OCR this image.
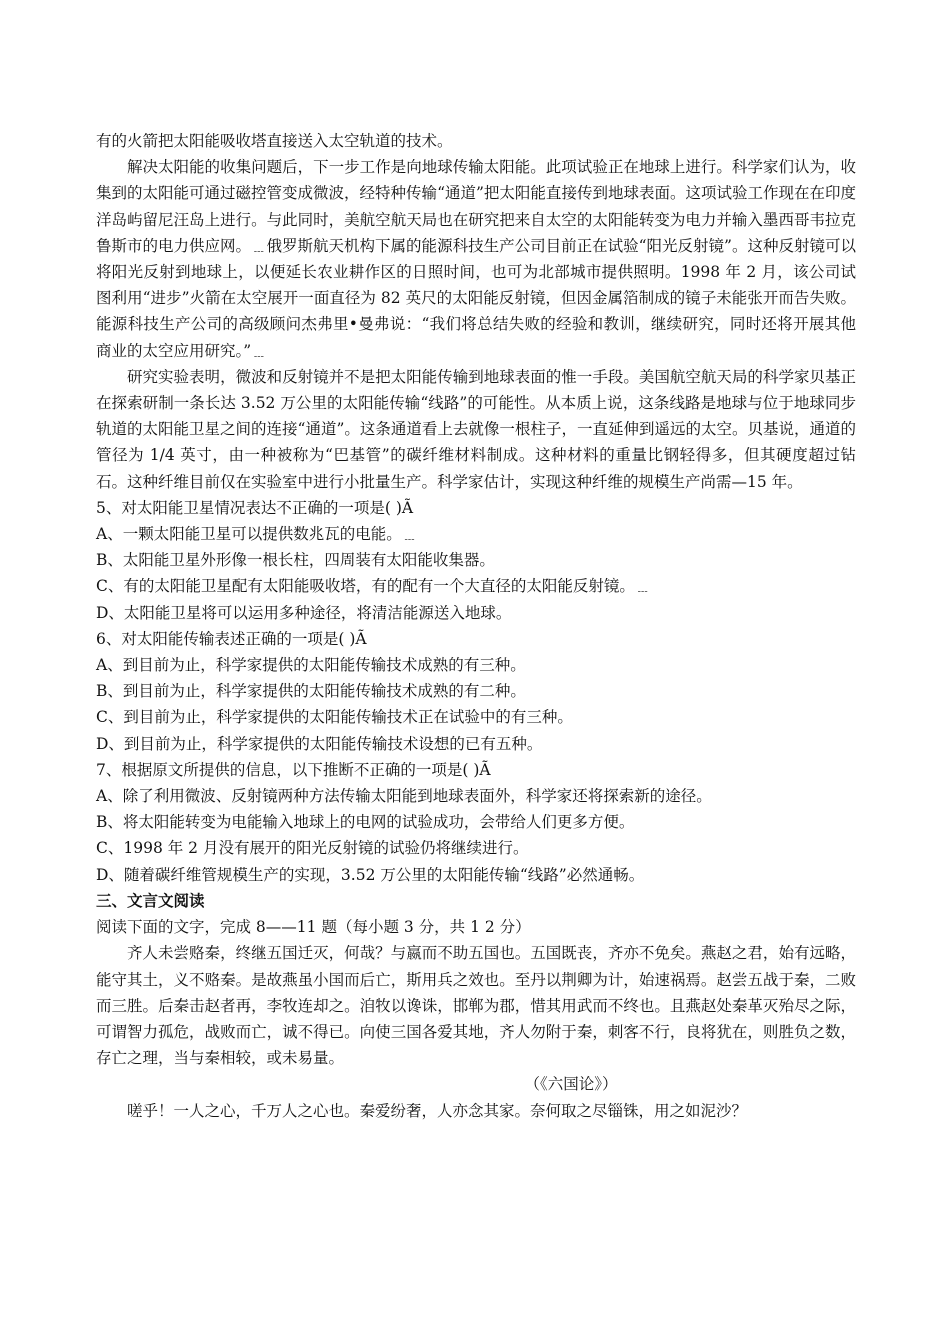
有的火箭把太阳能吸收塔直接送入太空轨道的技术。

解决太阳能的收集问题后，下一步工作是向地球传输太阳能。此项试验正在地球上进行。科学家们认为，收集到的太阳能可通过磁控管变成微波，经特种传输“通道”把太阳能直接传到地球表面。这项试验工作现在在印度洋岛屿留尼汪岛上进行。与此同时，美航空航天局也在研究把来自太空的太阳能转变为电力并输入墨西哥韦拉克鲁斯市的电力供应网。﹍俄罗斯航天机构下属的能源科技生产公司目前正在试验“阳光反射镜”。这种反射镜可以将阳光反射到地球上，以便延长农业耕作区的日照时间，也可为北部城市提供照明。1998 年 2 月，该公司试图利用“进步”火箭在太空展开一面直径为 82 英尺的太阳能反射镜，但因金属箔制成的镜子未能张开而告失败。能源科技生产公司的高级顾问杰弗里•曼弗说：“我们将总结失败的经验和教训，继续研究，同时还将开展其他商业的太空应用研究。”﹍

研究实验表明，微波和反射镜并不是把太阳能传输到地球表面的惟一手段。美国航空航天局的科学家贝基正在探索研制一条长达 3.52 万公里的太阳能传输“线路”的可能性。从本质上说，这条线路是地球与位于地球同步轨道的太阳能卫星之间的连接“通道”。这条通道看上去就像一根柱子，一直延伸到遥远的太空。贝基说，通道的管径为 1/4 英寸，由一种被称为“巴基管”的碳纤维材料制成。这种材料的重量比钢轻得多，但其硬度超过钻石。这种纤维目前仅在实验室中进行小批量生产。科学家估计，实现这种纤维的规模生产尚需—15 年。

5、对太阳能卫星情况表达不正确的一项是( )Ã

A、一颗太阳能卫星可以提供数兆瓦的电能。﹍

B、太阳能卫星外形像一根长柱，四周装有太阳能收集器。

C、有的太阳能卫星配有太阳能吸收塔，有的配有一个大直径的太阳能反射镜。﹍

D、太阳能卫星将可以运用多种途径，将清洁能源送入地球。

6、对太阳能传输表述正确的一项是( )Ã

A、到目前为止，科学家提供的太阳能传输技术成熟的有三种。

B、到目前为止，科学家提供的太阳能传输技术成熟的有二种。

C、到目前为止，科学家提供的太阳能传输技术正在试验中的有三种。

D、到目前为止，科学家提供的太阳能传输技术设想的已有五种。

7、根据原文所提供的信息，以下推断不正确的一项是( )Ã

A、除了利用微波、反射镜两种方法传输太阳能到地球表面外，科学家还将探索新的途径。

B、将太阳能转变为电能输入地球上的电网的试验成功，会带给人们更多方便。

C、1998 年 2 月没有展开的阳光反射镜的试验仍将继续进行。

D、随着碳纤维管规模生产的实现，3.52 万公里的太阳能传输“线路”必然通畅。

三、文言文阅读

阅读下面的文字，完成 8——11 题（每小题 3 分，共 1 2 分）

齐人未尝赂秦，终继五国迁灭，何哉？与嬴而不助五国也。五国既丧，齐亦不免矣。燕赵之君，始有远略，能守其土，义不赂秦。是故燕虽小国而后亡，斯用兵之效也。至丹以荆卿为计，始速祸焉。赵尝五战于秦，二败而三胜。后秦击赵者再，李牧连却之。洎牧以谗诛，邯郸为郡，惜其用武而不终也。且燕赵处秦革灭殆尽之际，可谓智力孤危，战败而亡，诚不得已。向使三国各爱其地，齐人勿附于秦，刺客不行，良将犹在，则胜负之数，存亡之理，当与秦相较，或未易量。

（《六国论》）

嗟乎！一人之心，千万人之心也。秦爱纷奢，人亦念其家。奈何取之尽锱铢，用之如泥沙？
